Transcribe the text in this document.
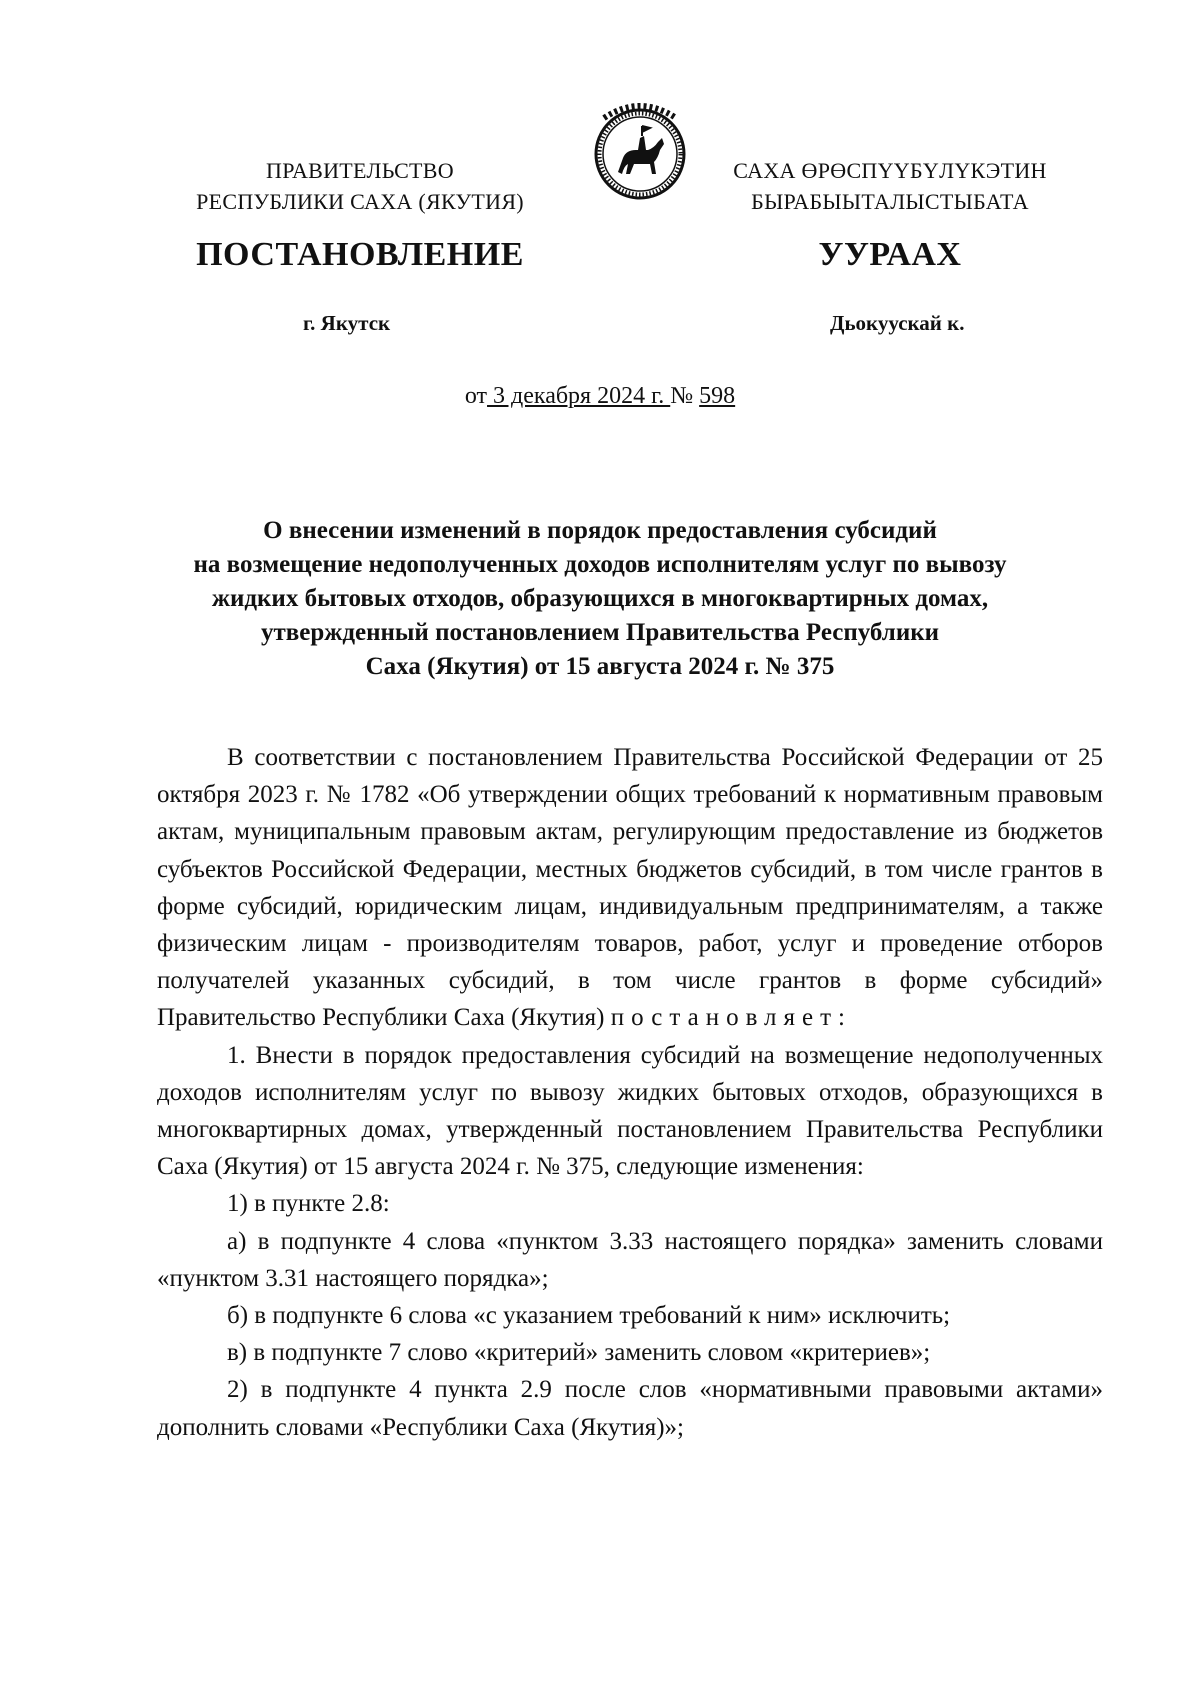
ПРАВИТЕЛЬСТВО
РЕСПУБЛИКИ САХА (ЯКУТИЯ)
САХА ӨРӨСПҮҮБҮЛҮКЭТИН
БЫРАБЫЫТАЛЫСТЫБАТА
ПОСТАНОВЛЕНИЕ	УУРААХ
г. Якутск	Дьокуускай к.
от 3 декабря 2024 г. № 598
О внесении изменений в порядок предоставления субсидий
на возмещение недополученных доходов исполнителям услуг по вывозу
жидких бытовых отходов, образующихся в многоквартирных домах,
утвержденный постановлением Правительства Республики
Саха (Якутия) от 15 августа 2024 г. № 375

В соответствии с постановлением Правительства Российской Федерации от 25 октября 2023 г. № 1782 «Об утверждении общих требований к нормативным правовым актам, муниципальным правовым актам, регулирующим предоставление из бюджетов субъектов Российской Федерации, местных бюджетов субсидий, в том числе грантов в форме субсидий, юридическим лицам, индивидуальным предпринимателям, а также физическим лицам - производителям товаров, работ, услуг и проведение отборов получателей указанных субсидий, в том числе грантов в форме субсидий» Правительство Республики Саха (Якутия) постановляет:

1. Внести в порядок предоставления субсидий на возмещение недополученных доходов исполнителям услуг по вывозу жидких бытовых отходов, образующихся в многоквартирных домах, утвержденный постановлением Правительства Республики Саха (Якутия) от 15 августа 2024 г. № 375, следующие изменения:

1) в пункте 2.8:

а) в подпункте 4 слова «пунктом 3.33 настоящего порядка» заменить словами «пунктом 3.31 настоящего порядка»;

б) в подпункте 6 слова «с указанием требований к ним» исключить;

в) в подпункте 7 слово «критерий» заменить словом «критериев»;

2) в подпункте 4 пункта 2.9 после слов «нормативными правовыми актами» дополнить словами «Республики Саха (Якутия)»;
